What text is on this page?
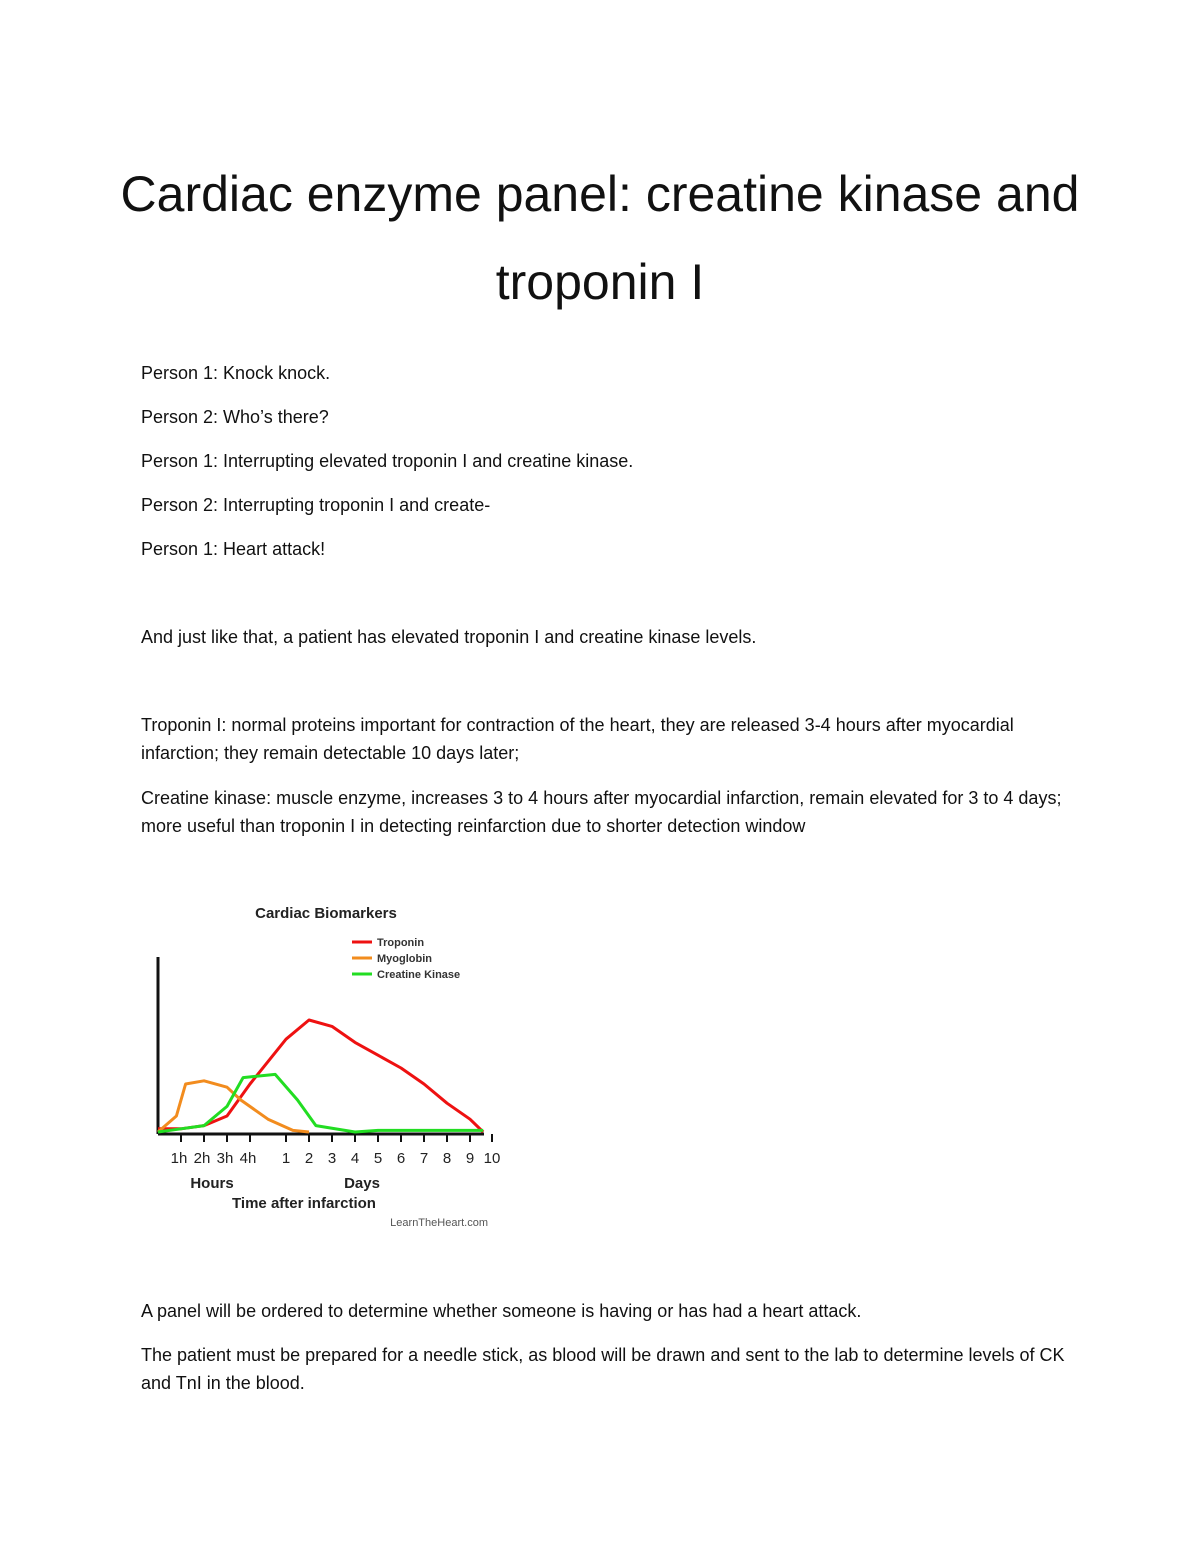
Cardiac enzyme panel: creatine kinase and troponin I

Person 1: Knock knock.

Person 2: Who’s there?

Person 1: Interrupting elevated troponin I and creatine kinase.

Person 2: Interrupting troponin I and create-

Person 1: Heart attack!

And just like that, a patient has elevated troponin I and creatine kinase levels.

Troponin I: normal proteins important for contraction of the heart, they are released 3-4 hours after myocardial infarction; they remain detectable 10 days later;

Creatine kinase: muscle enzyme, increases 3 to 4 hours after myocardial infarction, remain elevated for 3 to 4 days; more useful than troponin I in detecting reinfarction due to shorter detection window

Cardiac Biomarkers
Troponin
Myoglobin
Creatine Kinase
1h 2h 3h 4h 1 2 3 4 5 6 7 8 9 10
Hours	Days
Time after infarction
LearnTheHeart.com

A panel will be ordered to determine whether someone is having or has had a heart attack.

The patient must be prepared for a needle stick, as blood will be drawn and sent to the lab to determine levels of CK and TnI in the blood.
